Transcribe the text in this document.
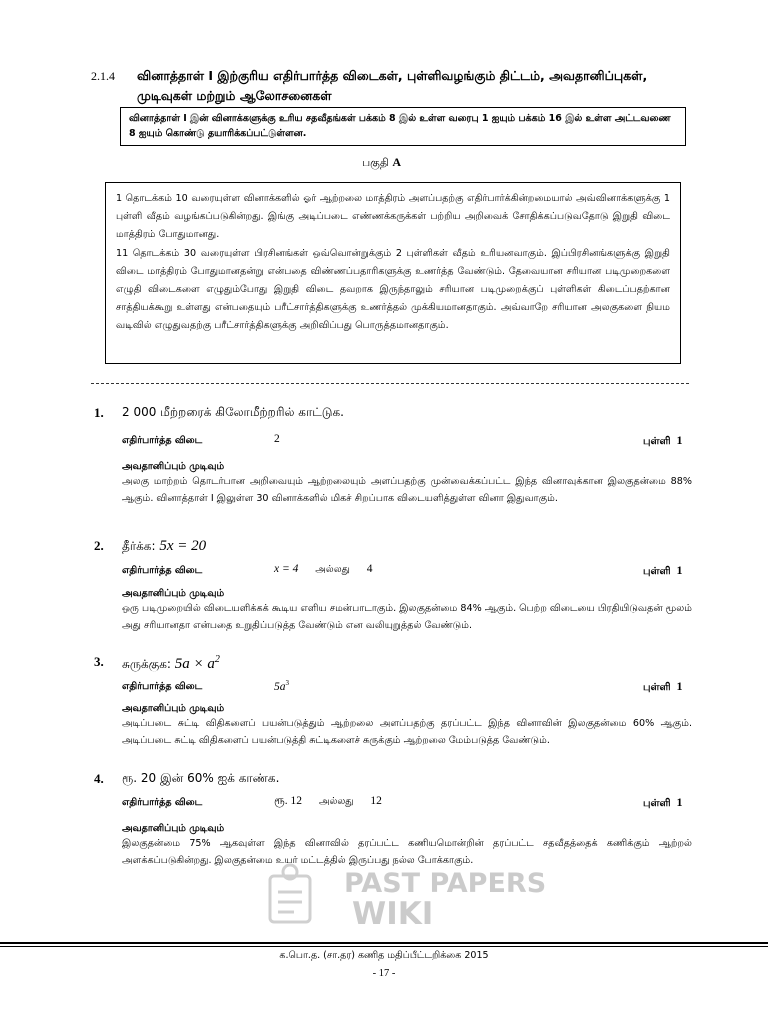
2.1.4 வினாத்தாள் I இற்குரிய எதிர்பார்த்த விடைகள், புள்ளிவழங்கும் திட்டம், அவதானிப்புகள், முடிவுகள் மற்றும் ஆலோசனைகள்
வினாத்தாள் I இன் வினாக்களுக்கு உரிய சதவீதங்கள் பக்கம் 8 இல் உள்ள வரைபு 1 ஐயும் பக்கம் 16 இல் உள்ள அட்டவணை 8 ஐயும் கொண்டு தயாரிக்கப்பட்டுள்ளன.
பகுதி A

1 தொடக்கம் 10 வரையுள்ள வினாக்களில் ஓர் ஆற்றலை மாத்திரம் அளப்பதற்கு எதிர்பார்க்கின்றமையால் அவ்வினாக்களுக்கு 1 புள்ளி வீதம் வழங்கப்படுகின்றது. இங்கு அடிப்படை எண்ணக்கருக்கள் பற்றிய அறிவைக் சோதிக்கப்படுவதோடு இறுதி விடை மாத்திரம் போதுமானது.

11 தொடக்கம் 30 வரையுள்ள பிரசினங்கள் ஒவ்வொன்றுக்கும் 2 புள்ளிகள் வீதம் உரியனவாகும். இப்பிரசினங்களுக்கு இறுதி விடை மாத்திரம் போதுமானதன்று என்பதை விண்ணப்பதாரிகளுக்கு உணர்த்த வேண்டும். தேவையான சரியான படிமுறைகளை எழுதி விடைகளை எழுதும்போது இறுதி விடை தவறாக இருந்தாலும் சரியான படிமுறைக்குப் புள்ளிகள் கிடைப்பதற்கான சாத்தியக்கூறு உள்ளது என்பதையும் பரீட்சார்த்திகளுக்கு உணர்த்தல் முக்கியமானதாகும். அவ்வாறே சரியான அலகுகளை நியம வடிவில் எழுதுவதற்கு பரீட்சார்த்திகளுக்கு அறிவிப்பது பொருத்தமானதாகும்.

1. 2 000 மீற்றரைக் கிலோமீற்றரில் காட்டுக.
எதிர்பார்த்த விடை	2	புள்ளி 1
அவதானிப்பும் முடிவும்
அலகு மாற்றம் தொடர்பான அறிவையும் ஆற்றலையும் அளப்பதற்கு முன்வைக்கப்பட்ட இந்த வினாவுக்கான இலகுதன்மை 88% ஆகும். வினாத்தாள் I இலுள்ள 30 வினாக்களில் மிகச் சிறப்பாக விடையளித்துள்ள வினா இதுவாகும்.
2. தீர்க்க: 5x = 20
எதிர்பார்த்த விடை	x = 4 அல்லது 4	புள்ளி 1
அவதானிப்பும் முடிவும்
ஒரு படிமுறையில் விடையளிக்கக் கூடிய எளிய சமன்பாடாகும். இலகுதன்மை 84% ஆகும். பெற்ற விடையை பிரதியிடுவதன் மூலம் அது சரியானதா என்பதை உறுதிப்படுத்த வேண்டும் என வலியுறுத்தல் வேண்டும்.
3. சுருக்குக: $5a \times a^2$
எதிர்பார்த்த விடை	$5a^3$	புள்ளி 1
அவதானிப்பும் முடிவும்
அடிப்படை சுட்டி விதிகளைப் பயன்படுத்தும் ஆற்றலை அளப்பதற்கு தரப்பட்ட இந்த வினாவின் இலகுதன்மை 60% ஆகும். அடிப்படை சுட்டி விதிகளைப் பயன்படுத்தி சுட்டிகளைச் சுருக்கும் ஆற்றலை மேம்படுத்த வேண்டும்.
4. ரூ. 20 இன் 60% ஐக் காண்க.
எதிர்பார்த்த விடை	ரூ. 12 அல்லது 12	புள்ளி 1
அவதானிப்பும் முடிவும்
இலகுதன்மை 75% ஆகவுள்ள இந்த வினாவில் தரப்பட்ட கணியமொன்றின் தரப்பட்ட சதவீதத்தைக் கணிக்கும் ஆற்றல் அளக்கப்படுகின்றது. இலகுதன்மை உயர் மட்டத்தில் இருப்பது நல்ல போக்காகும்.
PAST PAPERS
WIKI
க.பொ.த. (சா.தர) கணித மதிப்பீட்டறிக்கை 2015
- 17 -
